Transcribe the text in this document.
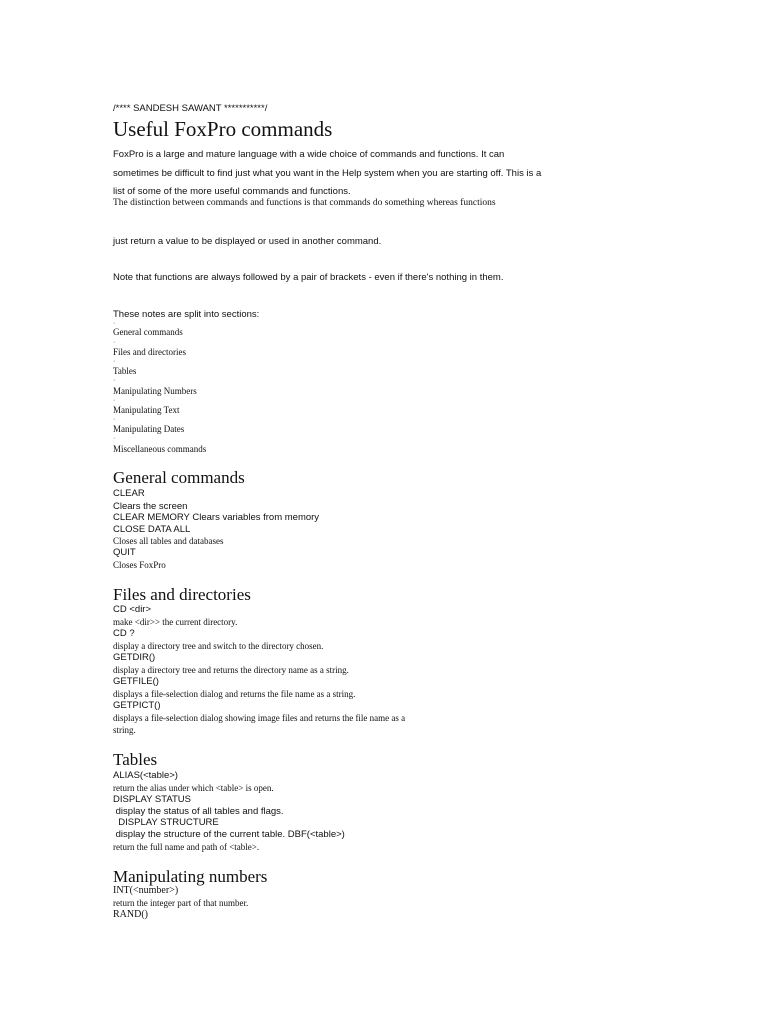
/**** SANDESH SAWANT ***********/
Useful FoxPro commands
FoxPro is a large and mature language with a wide choice of commands and functions. It can
sometimes be difficult to find just what you want in the Help system when you are starting off. This is a
list of some of the more useful commands and functions.
The distinction between commands and functions is that commands do something whereas functions
just return a value to be displayed or used in another command.
Note that functions are always followed by a pair of brackets - even if there's nothing in them.
These notes are split into sections:
·
General commands
·
Files and directories
·
Tables
·
Manipulating Numbers
·
Manipulating Text
·
Manipulating Dates
·
Miscellaneous commands
General commands
CLEAR
Clears the screen
CLEAR MEMORY Clears variables from memory
CLOSE DATA ALL
Closes all tables and databases
QUIT
Closes FoxPro
Files and directories
CD <dir>
make <dir>> the current directory.
CD ?
display a directory tree and switch to the directory chosen.
GETDIR()
display a directory tree and returns the directory name as a string.
GETFILE()
displays a file-selection dialog and returns the file name as a string.
GETPICT()
displays a file-selection dialog showing image files and returns the file name as a
string.
Tables
ALIAS(<table>)
return the alias under which <table> is open.
DISPLAY STATUS
display the status of all tables and flags.
DISPLAY STRUCTURE
display the structure of the current table. DBF(<table>)
return the full name and path of <table>.
Manipulating numbers
INT(<number>)
return the integer part of that number.
RAND()
